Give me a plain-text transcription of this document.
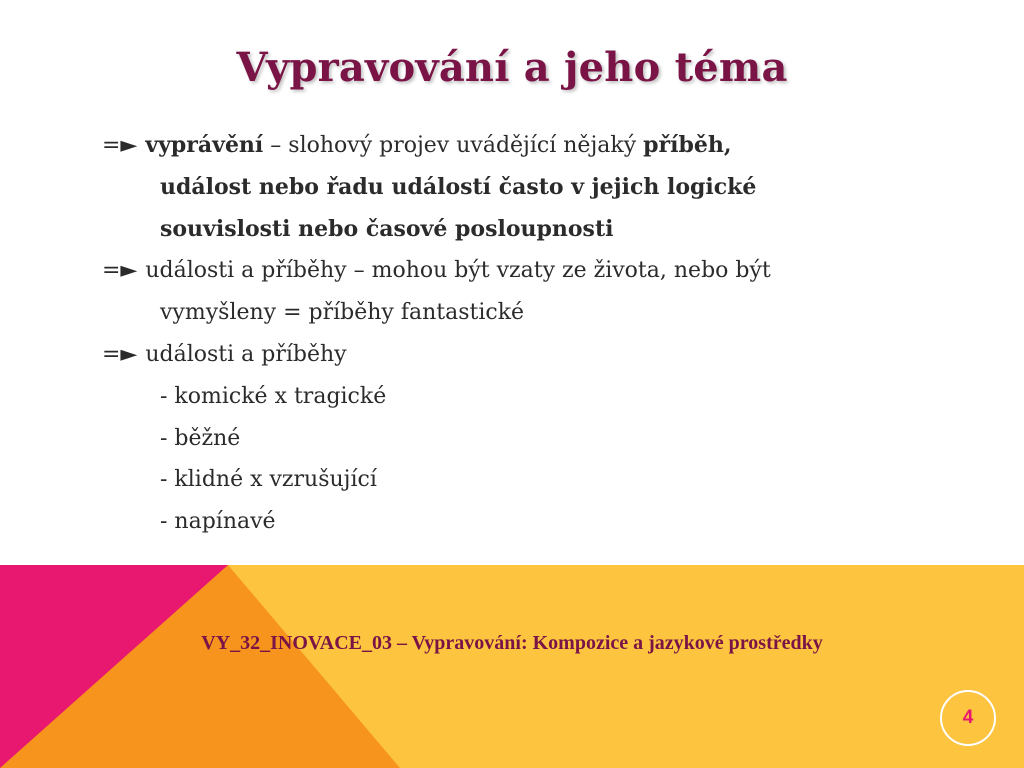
Vypravování a jeho téma
=► vyprávění – slohový projev uvádějící nějaký příběh,
událost nebo řadu událostí často v jejich logické
souvislosti nebo časové posloupnosti
=► události a příběhy – mohou být vzaty ze života, nebo být
vymyšleny = příběhy fantastické
=► události a příběhy
- komické x tragické
- běžné
- klidné x vzrušující
- napínavé
VY_32_INOVACE_03 – Vypravování: Kompozice a jazykové prostředky
4
